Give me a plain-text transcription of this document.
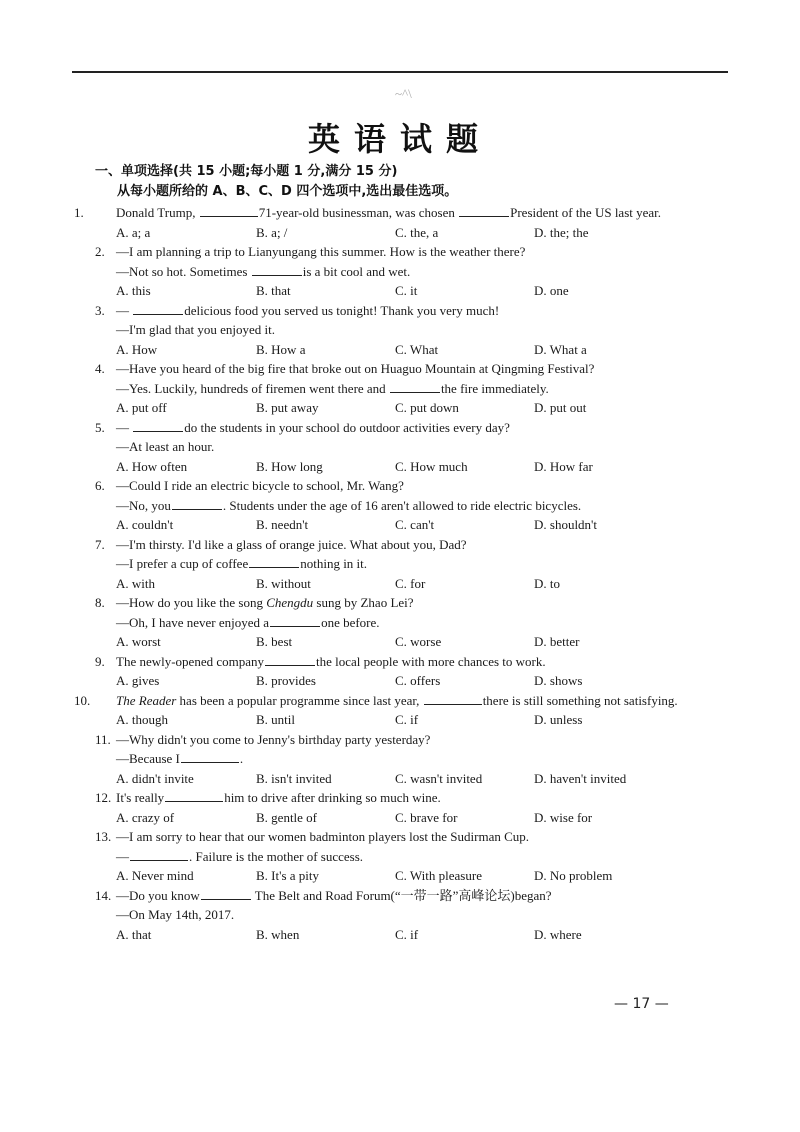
~^\
英语试题
一、单项选择(共 15 小题;每小题 1 分,满分 15 分)
从每小题所给的 A、B、C、D 四个选项中,选出最佳选项。
1. Donald Trump,	71-year-old businessman, was chosen	President of the US last year.
A. a; a	B. a; /	C. the, a	D. the; the
2. —I am planning a trip to Lianyungang this summer. How is the weather there?
—Not so hot. Sometimes	is a bit cool and wet.
A. this	B. that	C. it	D. one
3. —	delicious food you served us tonight! Thank you very much!
—I'm glad that you enjoyed it.
A. How	B. How a	C. What	D. What a
4. —Have you heard of the big fire that broke out on Huaguo Mountain at Qingming Festival?
—Yes. Luckily, hundreds of firemen went there and	the fire immediately.
A. put off	B. put away	C. put down	D. put out
5. —	do the students in your school do outdoor activities every day?
—At least an hour.
A. How often	B. How long	C. How much	D. How far
6. —Could I ride an electric bicycle to school, Mr. Wang?
—No, you	. Students under the age of 16 aren't allowed to ride electric bicycles.
A. couldn't	B. needn't	C. can't	D. shouldn't
7. —I'm thirsty. I'd like a glass of orange juice. What about you, Dad?
—I prefer a cup of coffee	nothing in it.
A. with	B. without	C. for	D. to
8. —How do you like the song Chengdu sung by Zhao Lei?
—Oh, I have never enjoyed a	one before.
A. worst	B. best	C. worse	D. better
9. The newly-opened company	the local people with more chances to work.
A. gives	B. provides	C. offers	D. shows
10. The Reader has been a popular programme since last year,	there is still something not satisfying.
A. though	B. until	C. if	D. unless
11. —Why didn't you come to Jenny's birthday party yesterday?
—Because I	.
A. didn't invite	B. isn't invited	C. wasn't invited	D. haven't invited
12. It's really	him to drive after drinking so much wine.
A. crazy of	B. gentle of	C. brave for	D. wise for
13. —I am sorry to hear that our women badminton players lost the Sudirman Cup.
—	. Failure is the mother of success.
A. Never mind	B. It's a pity	C. With pleasure	D. No problem
14. —Do you know	The Belt and Road Forum(“一带一路”高峰论坛)began?
—On May 14th, 2017.
A. that	B. when	C. if	D. where
— 17 —
